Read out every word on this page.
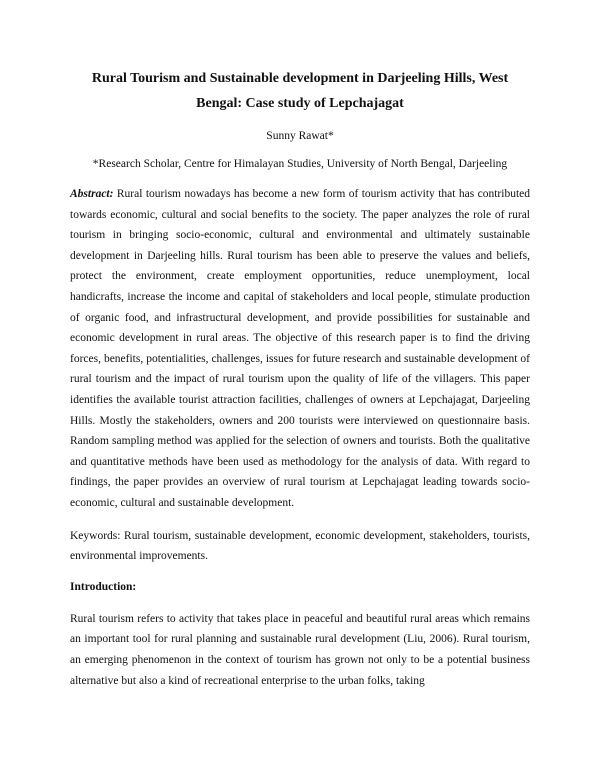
Rural Tourism and Sustainable development in Darjeeling Hills, West
Bengal: Case study of Lepchajagat
Sunny Rawat*
*Research Scholar, Centre for Himalayan Studies, University of North Bengal, Darjeeling

Abstract: Rural tourism nowadays has become a new form of tourism activity that has contributed towards economic, cultural and social benefits to the society. The paper analyzes the role of rural tourism in bringing socio-economic, cultural and environmental and ultimately sustainable development in Darjeeling hills. Rural tourism has been able to preserve the values and beliefs, protect the environment, create employment opportunities, reduce unemployment, local handicrafts, increase the income and capital of stakeholders and local people, stimulate production of organic food, and infrastructural development, and provide possibilities for sustainable and economic development in rural areas. The objective of this research paper is to find the driving forces, benefits, potentialities, challenges, issues for future research and sustainable development of rural tourism and the impact of rural tourism upon the quality of life of the villagers. This paper identifies the available tourist attraction facilities, challenges of owners at Lepchajagat, Darjeeling Hills. Mostly the stakeholders, owners and 200 tourists were interviewed on questionnaire basis. Random sampling method was applied for the selection of owners and tourists. Both the qualitative and quantitative methods have been used as methodology for the analysis of data. With regard to findings, the paper provides an overview of rural tourism at Lepchajagat leading towards socio-economic, cultural and sustainable development.

Keywords: Rural tourism, sustainable development, economic development, stakeholders, tourists, environmental improvements.

Introduction:

Rural tourism refers to activity that takes place in peaceful and beautiful rural areas which remains an important tool for rural planning and sustainable rural development (Liu, 2006). Rural tourism, an emerging phenomenon in the context of tourism has grown not only to be a potential business alternative but also a kind of recreational enterprise to the urban folks, taking
